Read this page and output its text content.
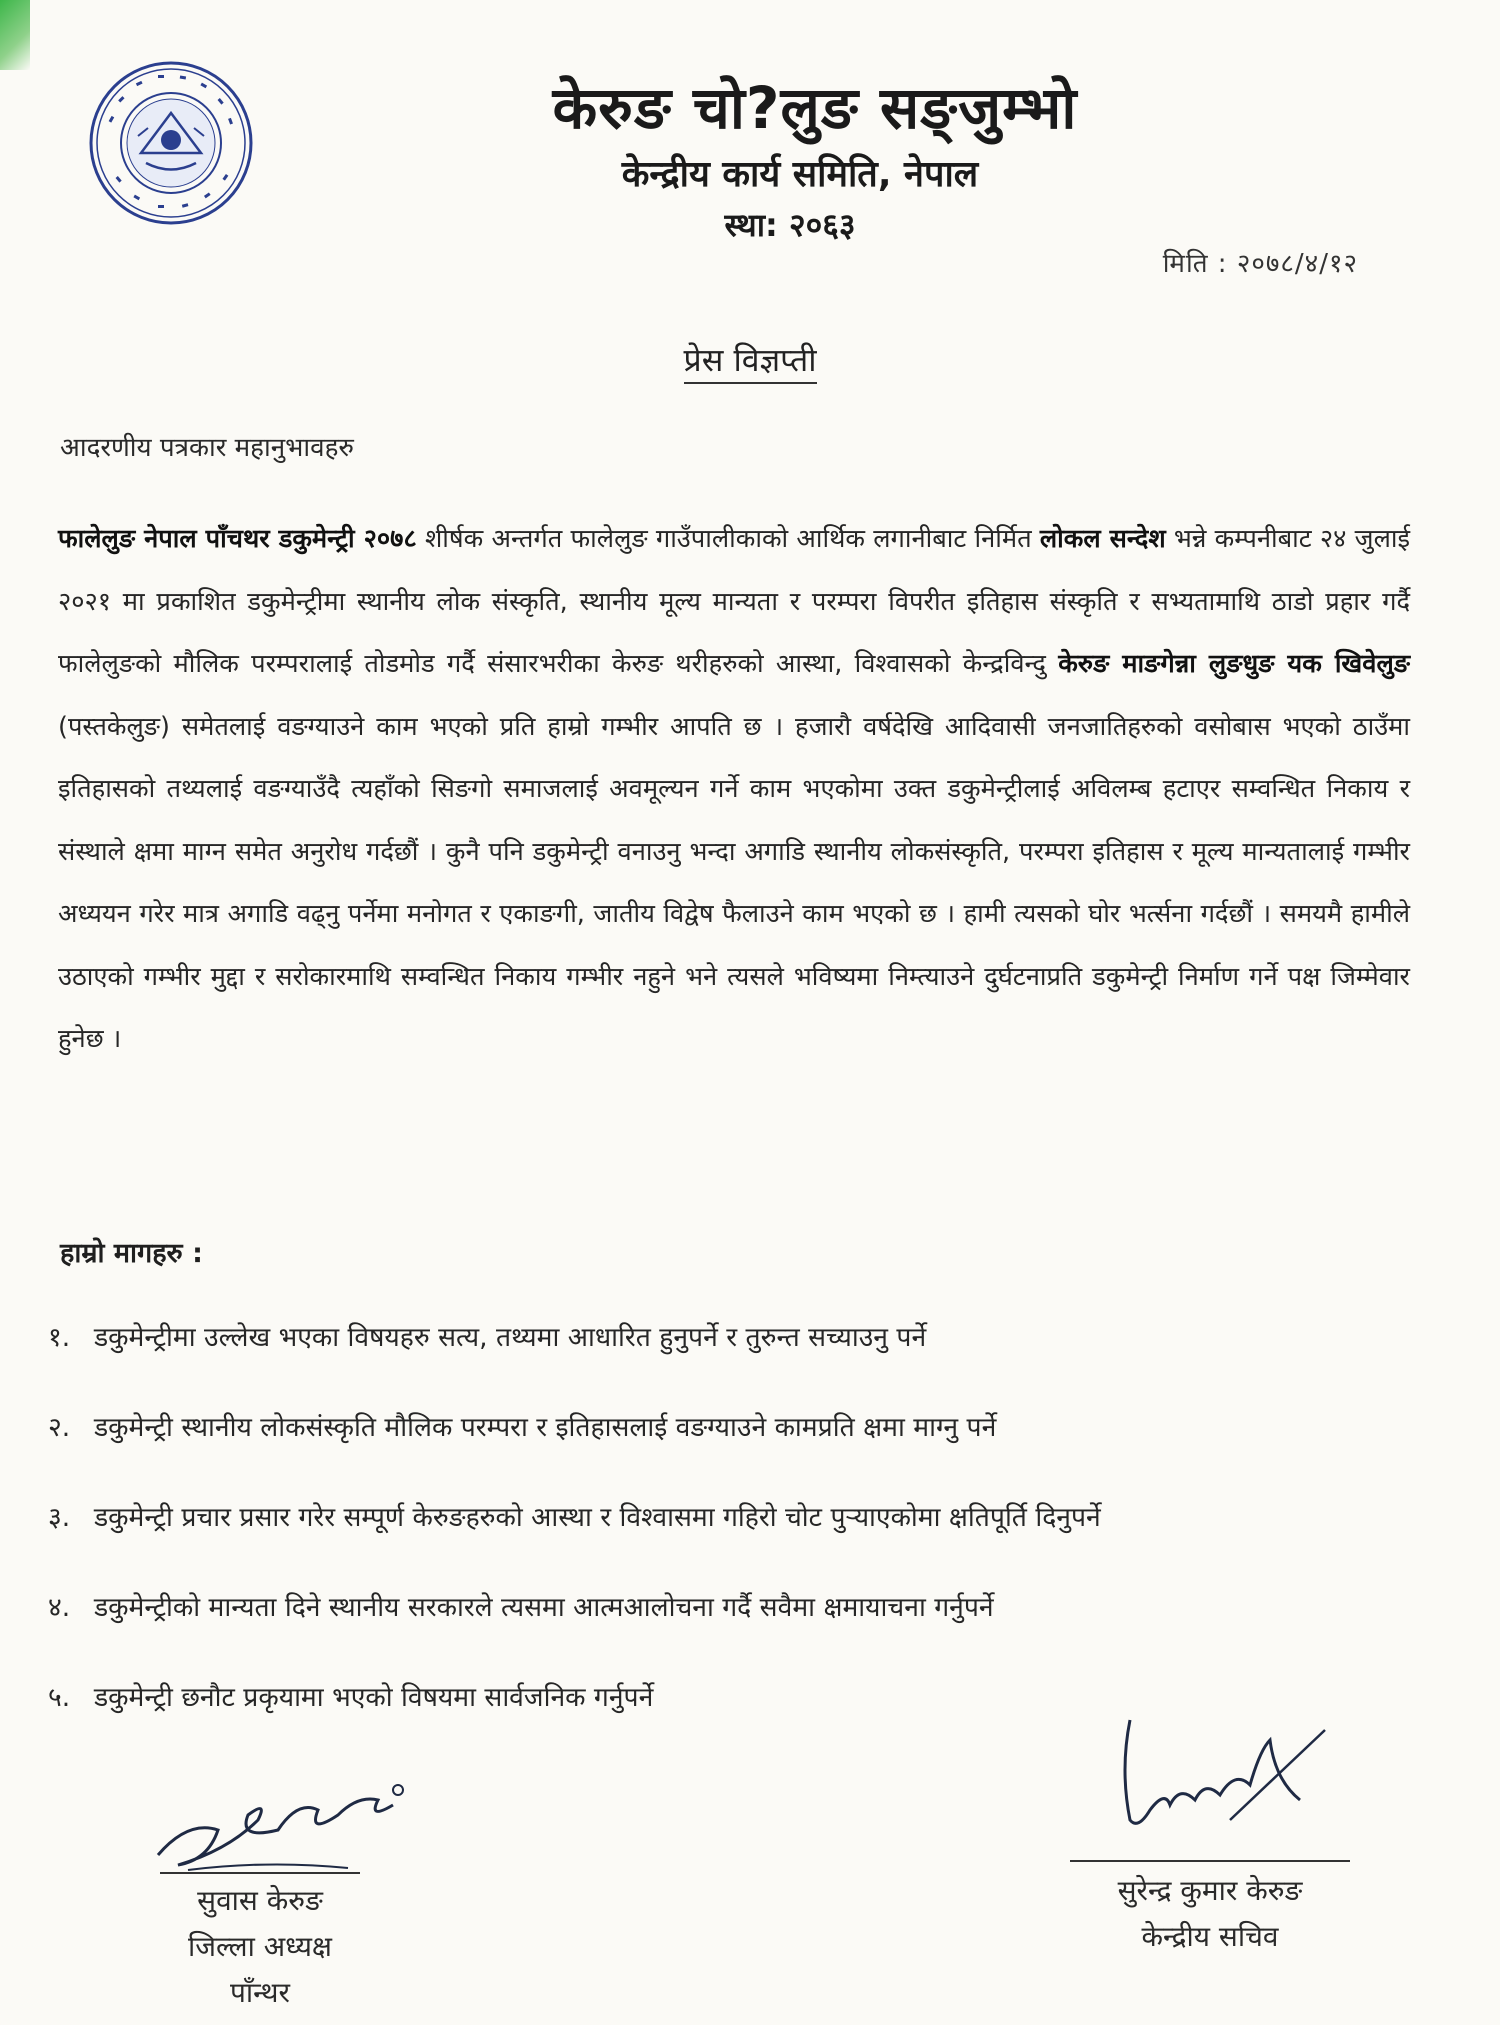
केरुङ चो?लुङ सङ्जुम्भो
केन्द्रीय कार्य समिति, नेपाल
स्था: २०६३
मिति : २०७८/४/१२
प्रेस विज्ञप्ती
आदरणीय पत्रकार महानुभावहरु
फालेलुङ नेपाल पाँचथर डकुमेन्ट्री २०७८ शीर्षक अन्तर्गत फालेलुङ गाउँपालीकाको आर्थिक लगानीबाट निर्मित लोकल सन्देश भन्ने कम्पनीबाट २४ जुलाई २०२१ मा प्रकाशित डकुमेन्ट्रीमा स्थानीय लोक संस्कृति, स्थानीय मूल्य मान्यता र परम्परा विपरीत इतिहास संस्कृति र सभ्यतामाथि ठाडो प्रहार गर्दै फालेलुङको मौलिक परम्परालाई तोडमोड गर्दै संसारभरीका केरुङ थरीहरुको आस्था, विश्वासको केन्द्रविन्दु केरुङ माङगेन्ना लुङधुङ यक खिवेलुङ (पस्तकेलुङ) समेतलाई वङग्याउने काम भएको प्रति हाम्रो गम्भीर आपति छ । हजारौ वर्षदेखि आदिवासी जनजातिहरुको वसोबास भएको ठाउँमा इतिहासको तथ्यलाई वङग्याउँदै त्यहाँको सिङगो समाजलाई अवमूल्यन गर्ने काम भएकोमा उक्त डकुमेन्ट्रीलाई अविलम्ब हटाएर सम्वन्धित निकाय र संस्थाले क्षमा माग्न समेत अनुरोध गर्दछौं । कुनै पनि डकुमेन्ट्री वनाउनु भन्दा अगाडि स्थानीय लोकसंस्कृति, परम्परा इतिहास र मूल्य मान्यतालाई गम्भीर अध्ययन गरेर मात्र अगाडि वढ्नु पर्नेमा मनोगत र एकाङगी, जातीय विद्वेष फैलाउने काम भएको छ । हामी त्यसको घोर भर्त्सना गर्दछौं । समयमै हामीले उठाएको गम्भीर मुद्दा र सरोकारमाथि सम्वन्धित निकाय गम्भीर नहुने भने त्यसले भविष्यमा निम्त्याउने दुर्घटनाप्रति डकुमेन्ट्री निर्माण गर्ने पक्ष जिम्मेवार हुनेछ ।
हाम्रो मागहरु :
१. डकुमेन्ट्रीमा उल्लेख भएका विषयहरु सत्य, तथ्यमा आधारित हुनुपर्ने र तुरुन्त सच्याउनु पर्ने
२. डकुमेन्ट्री स्थानीय लोकसंस्कृति मौलिक परम्परा र इतिहासलाई वङग्याउने कामप्रति क्षमा माग्नु पर्ने
३. डकुमेन्ट्री प्रचार प्रसार गरेर सम्पूर्ण केरुङहरुको आस्था र विश्वासमा गहिरो चोट पुऱ्याएकोमा क्षतिपूर्ति दिनुपर्ने
४. डकुमेन्ट्रीको मान्यता दिने स्थानीय सरकारले त्यसमा आत्मआलोचना गर्दै सवैमा क्षमायाचना गर्नुपर्ने
५. डकुमेन्ट्री छनौट प्रकृयामा भएको विषयमा सार्वजनिक गर्नुपर्ने
सुवास केरुङ
जिल्ला अध्यक्ष
पाँन्थर
सुरेन्द्र कुमार केरुङ
केन्द्रीय सचिव
